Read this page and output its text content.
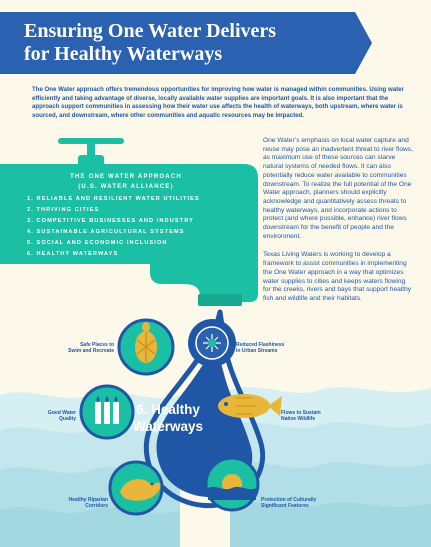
Ensuring One Water Delivers
for Healthy Waterways

The One Water approach offers tremendous opportunities for improving how water is managed within communities. Using water efficiently and taking advantage of diverse, locally available water supplies are important goals. It is also important that the approach support communities in assessing how their water use affects the health of waterways, both upstream, where water is sourced, and downstream, where other communities and aquatic resources may be impacted.

THE ONE WATER APPROACH
(U.S. WATER ALLIANCE)
1. RELIABLE AND RESILIENT WATER UTILITIES
2. THRIVING CITIES
3. COMPETITIVE BUSINESSES AND INDUSTRY
4. SUSTAINABLE AGRICULTURAL SYSTEMS
5. SOCIAL AND ECONOMIC INCLUSION
6. HEALTHY WATERWAYS

One Water’s emphasis on local water capture and reuse may pose an inadvertent threat to river flows, as maximum use of these sources can starve natural systems of needed flows. It can also potentially reduce water available to communities downstream. To realize the full potential of the One Water approach, planners should explicitly acknowledge and quantitatively assess threats to healthy waterways, and incorporate actions to protect (and where possible, enhance) river flows downstream for the benefit of people and the environment.

Texas Living Waters is working to develop a framework to assist communities in implementing the One Water approach in a way that optimizes water supplies to cities and keeps waters flowing for the creeks, rivers and bays that support healthy fish and wildlife and their habitats.

Safe Places to
Swim and Recreate
Reduced Flashiness
in Urban Streams
Good Water
Quality
Flows to Sustain
Native Wildlife
Healthy Riparian
Corridors
Protection of Culturally
Significant Features
6. Healthy
Waterways
